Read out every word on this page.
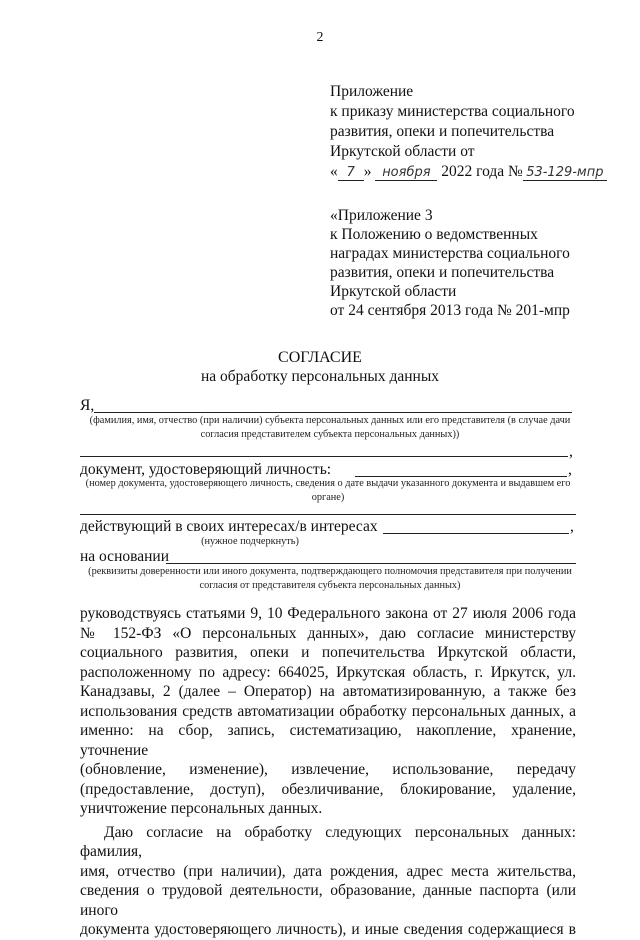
2
Приложение
к приказу министерства социального
развития, опеки и попечительства
Иркутской области от
« 7 » ноября 2022 года № 53-129-мпр
«Приложение 3
к Положению о ведомственных
наградах министерства социального
развития, опеки и попечительства
Иркутской области
от 24 сентября 2013 года № 201-мпр
СОГЛАСИЕ
на обработку персональных данных
Я,
(фамилия, имя, отчество (при наличии) субъекта персональных данных или его представителя (в случае дачи согласия представителем субъекта персональных данных))
,
документ, удостоверяющий личность:	,
(номер документа, удостоверяющего личность, сведения о дате выдачи указанного документа и выдавшем его органе)
действующий в своих интересах/в интересах	,
(нужное подчеркнуть)
на основании
(реквизиты доверенности или иного документа, подтверждающего полномочия представителя при получении согласия от представителя субъекта персональных данных)

руководствуясь статьями 9, 10 Федерального закона от 27 июля 2006 года

№ 152-ФЗ «О персональных данных», даю согласие министерству

социального развития, опеки и попечительства Иркутской области,

расположенному по адресу: 664025, Иркутская область, г. Иркутск, ул.

Канадзавы, 2 (далее – Оператор) на автоматизированную, а также без

использования средств автоматизации обработку персональных данных, а

именно: на сбор, запись, систематизацию, накопление, хранение, уточнение

(обновление, изменение), извлечение, использование, передачу

(предоставление, доступ), обезличивание, блокирование, удаление,

уничтожение персональных данных.

Даю согласие на обработку следующих персональных данных: фамилия,

имя, отчество (при наличии), дата рождения, адрес места жительства,

сведения о трудовой деятельности, образование, данные паспорта (или иного

документа удостоверяющего личность), и иные сведения содержащиеся в
